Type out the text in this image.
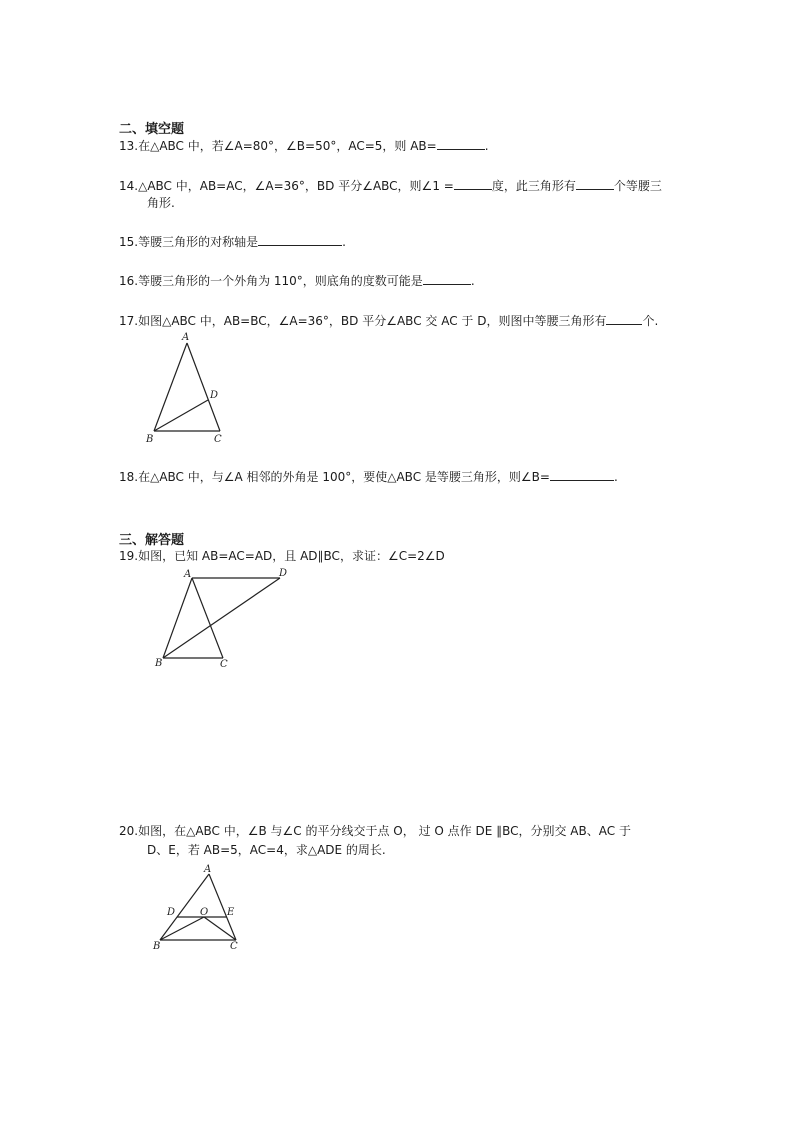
二、填空题
13.在△ABC 中，若∠A=80°，∠B=50°，AC=5，则 AB=	.
14.△ABC 中，AB=AC，∠A=36°，BD 平分∠ABC，则∠1 =	度，此三角形有	个等腰三
角形.
15.等腰三角形的对称轴是	.
16.等腰三角形的一个外角为 110°，则底角的度数可能是	.
17.如图△ABC 中，AB=BC，∠A=36°，BD 平分∠ABC 交 AC 于 D，则图中等腰三角形有	个.
A
D
B	C
18.在△ABC 中，与∠A 相邻的外角是 100°，要使△ABC 是等腰三角形，则∠B=	.
三、解答题
19.如图，已知 AB=AC=AD，且 AD∥BC，求证：∠C=2∠D
A	D
B	C
20.如图，在△ABC 中，∠B 与∠C 的平分线交于点 O， 过 O 点作 DE ∥BC，分别交 AB、AC 于
D、E，若 AB=5，AC=4，求△ADE 的周长.
A
D O E
B	C
